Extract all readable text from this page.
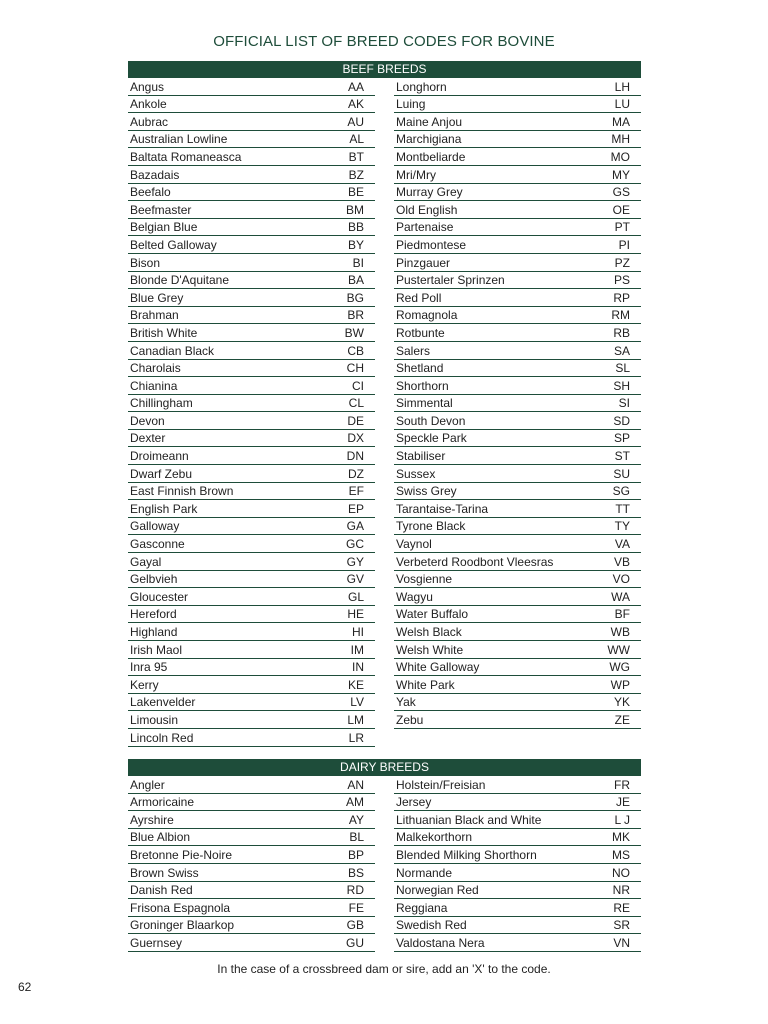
OFFICIAL LIST OF BREED CODES FOR BOVINE
BEEF BREEDS
Angus	AA
Ankole	AK
Aubrac	AU
Australian Lowline	AL
Baltata Romaneasca	BT
Bazadais	BZ
Beefalo	BE
Beefmaster	BM
Belgian Blue	BB
Belted Galloway	BY
Bison	BI
Blonde D'Aquitane	BA
Blue Grey	BG
Brahman	BR
British White	BW
Canadian Black	CB
Charolais	CH
Chianina	CI
Chillingham	CL
Devon	DE
Dexter	DX
Droimeann	DN
Dwarf Zebu	DZ
East Finnish Brown	EF
English Park	EP
Galloway	GA
Gasconne	GC
Gayal	GY
Gelbvieh	GV
Gloucester	GL
Hereford	HE
Highland	HI
Irish Maol	IM
Inra 95	IN
Kerry	KE
Lakenvelder	LV
Limousin	LM
Lincoln Red	LR
Longhorn	LH
Luing	LU
Maine Anjou	MA
Marchigiana	MH
Montbeliarde	MO
Mri/Mry	MY
Murray Grey	GS
Old English	OE
Partenaise	PT
Piedmontese	PI
Pinzgauer	PZ
Pustertaler Sprinzen	PS
Red Poll	RP
Romagnola	RM
Rotbunte	RB
Salers	SA
Shetland	SL
Shorthorn	SH
Simmental	SI
South Devon	SD
Speckle Park	SP
Stabiliser	ST
Sussex	SU
Swiss Grey	SG
Tarantaise-Tarina	TT
Tyrone Black	TY
Vaynol	VA
Verbeterd Roodbont Vleesras	VB
Vosgienne	VO
Wagyu	WA
Water Buffalo	BF
Welsh Black	WB
Welsh White	WW
White Galloway	WG
White Park	WP
Yak	YK
Zebu	ZE
DAIRY BREEDS
Angler	AN
Armoricaine	AM
Ayrshire	AY
Blue Albion	BL
Bretonne Pie-Noire	BP
Brown Swiss	BS
Danish Red	RD
Frisona Espagnola	FE
Groninger Blaarkop	GB
Guernsey	GU
Holstein/Freisian	FR
Jersey	JE
Lithuanian Black and White	L J
Malkekorthorn	MK
Blended Milking Shorthorn	MS
Normande	NO
Norwegian Red	NR
Reggiana	RE
Swedish Red	SR
Valdostana Nera	VN
In the case of a crossbreed dam or sire, add an 'X' to the code.
62
